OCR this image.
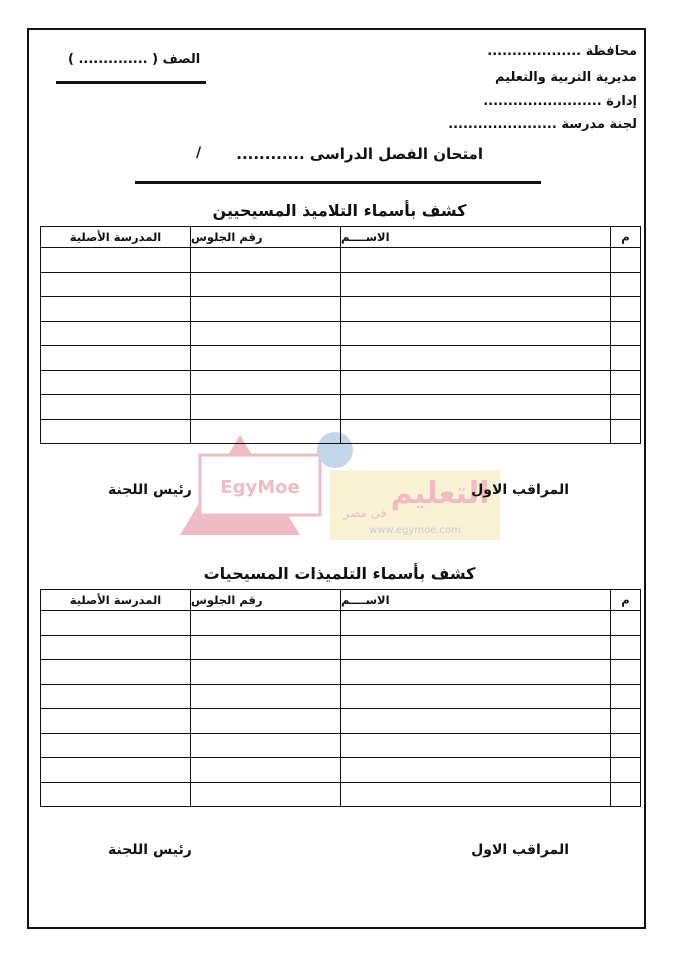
محافظة ...................
مديرية التربية والتعليم
إدارة ........................
لجنة مدرسة ......................
الصف ( .............. )
امتحان الفصل الدراسى ............
/
EgyMoe	التعليم
فى مصر
www.egymoe.com
كشف بأسماء التلاميذ المسيحيين
م	الاســــم	رقم الجلوس	المدرسة الأصلية

المراقب الاول
رئيس اللجنة
كشف بأسماء التلميذات المسيحيات
م	الاســــم	رقم الجلوس	المدرسة الأصلية

المراقب الاول
رئيس اللجنة
